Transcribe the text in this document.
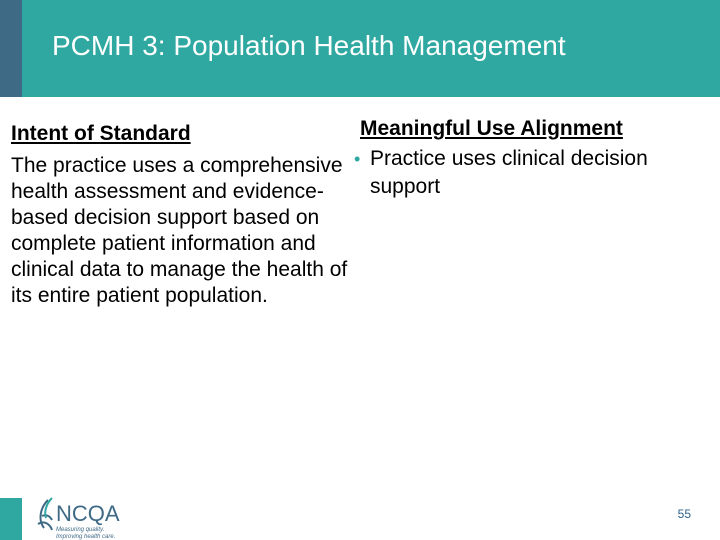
PCMH 3: Population Health Management
Intent of Standard
The practice uses a comprehensive health assessment and evidence-based decision support based on complete patient information and clinical data to manage the health of its entire patient population.
Meaningful Use Alignment
• Practice uses clinical decision support
NCQA
Measuring quality.
Improving health care.
55
